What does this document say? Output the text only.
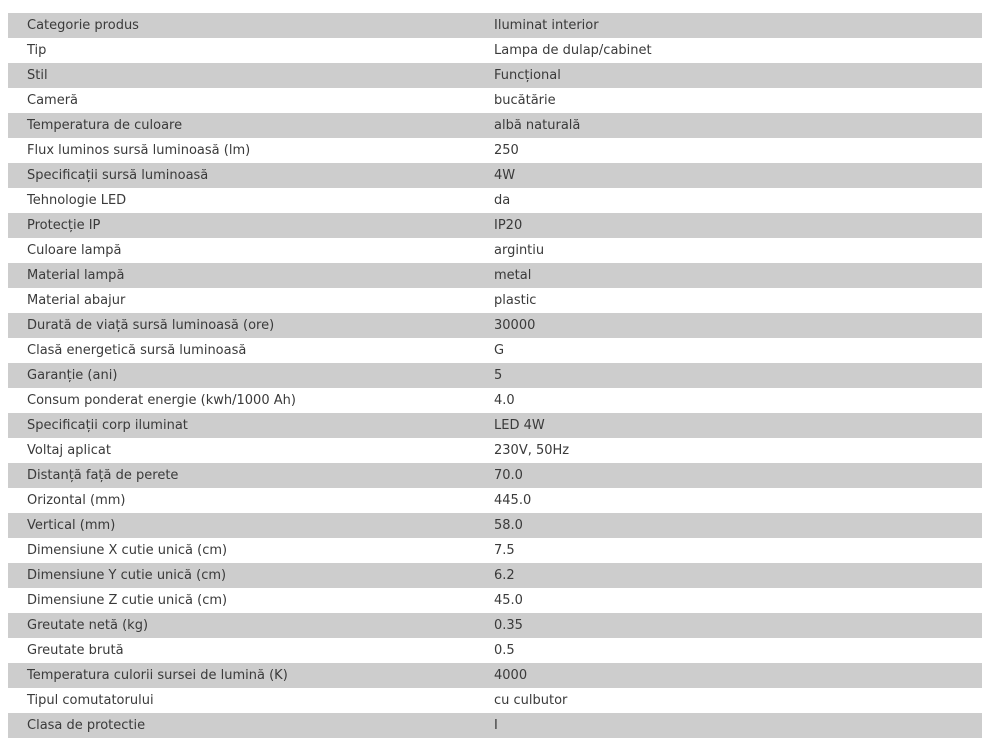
Categorie produs	Iluminat interior
Tip	Lampa de dulap/cabinet
Stil	Funcțional
Cameră	bucătărie
Temperatura de culoare	albă naturală
Flux luminos sursă luminoasă (lm)	250
Specificații sursă luminoasă	4W
Tehnologie LED	da
Protecție IP	IP20
Culoare lampă	argintiu
Material lampă	metal
Material abajur	plastic
Durată de viață sursă luminoasă (ore)	30000
Clasă energetică sursă luminoasă	G
Garanție (ani)	5
Consum ponderat energie (kwh/1000 Ah)	4.0
Specificații corp iluminat	LED 4W
Voltaj aplicat	230V, 50Hz
Distanță față de perete	70.0
Orizontal (mm)	445.0
Vertical (mm)	58.0
Dimensiune X cutie unică (cm)	7.5
Dimensiune Y cutie unică (cm)	6.2
Dimensiune Z cutie unică (cm)	45.0
Greutate netă (kg)	0.35
Greutate brută	0.5
Temperatura culorii sursei de lumină (K)	4000
Tipul comutatorului	cu culbutor
Clasa de protectie	I
